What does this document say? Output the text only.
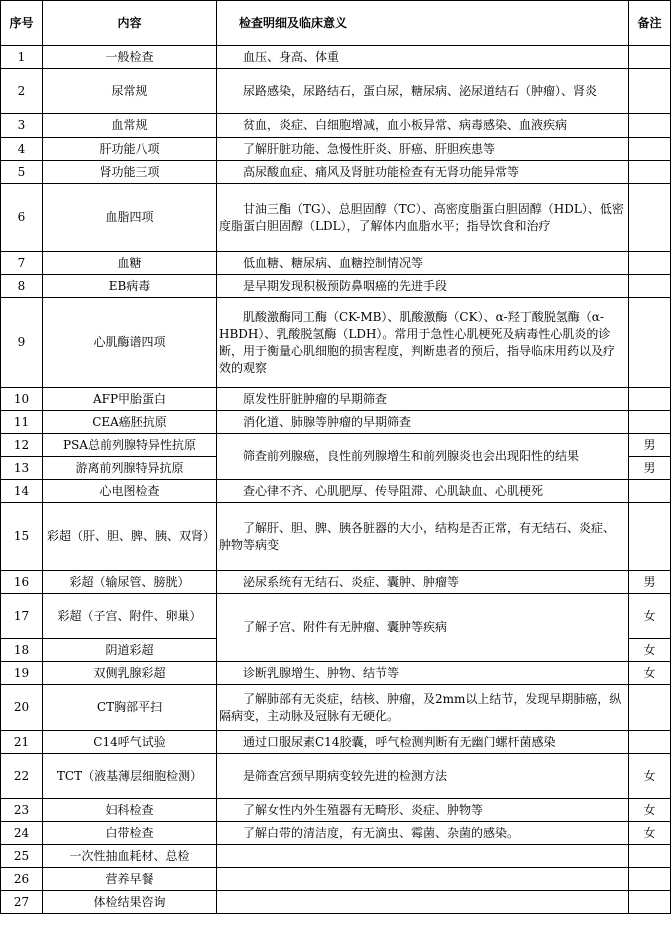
序号	内容	检查明细及临床意义	备注
1	一般检查	血压、身高、体重	
2	尿常规	尿路感染，尿路结石，蛋白尿，糖尿病、泌尿道结石（肿瘤）、肾炎	
3	血常规	贫血，炎症、白细胞增减，血小板异常、病毒感染、血液疾病	
4	肝功能八项	了解肝脏功能、急慢性肝炎、肝癌、肝胆疾患等	
5	肾功能三项	高尿酸血症、痛风及肾脏功能检查有无肾功能异常等	
6	血脂四项	甘油三酯（TG）、总胆固醇（TC）、高密度脂蛋白胆固醇（HDL）、低密度脂蛋白胆固醇（LDL），了解体内血脂水平；指导饮食和治疗	
7	血糖	低血糖、糖尿病、血糖控制情况等	
8	EB病毒	是早期发现积极预防鼻咽癌的先进手段	
9	心肌酶谱四项	肌酸激酶同工酶（CK-MB）、肌酸激酶（CK）、α-羟丁酸脱氢酶（α-HBDH）、乳酸脱氢酶（LDH）。常用于急性心肌梗死及病毒性心肌炎的诊断，用于衡量心肌细胞的损害程度，判断患者的预后，指导临床用药以及疗效的观察	
10	AFP甲胎蛋白	原发性肝脏肿瘤的早期筛查	
11	CEA癌胚抗原	消化道、肺腺等肿瘤的早期筛查	
12	PSA总前列腺特异性抗原	筛查前列腺癌，良性前列腺增生和前列腺炎也会出现阳性的结果	男
13	游离前列腺特异抗原		男
14	心电图检查	查心律不齐、心肌肥厚、传导阻滞、心肌缺血、心肌梗死	
15	彩超（肝、胆、脾、胰、双肾）	了解肝、胆、脾、胰各脏器的大小，结构是否正常，有无结石、炎症、肿物等病变	
16	彩超（输尿管、膀胱）	泌尿系统有无结石、炎症、囊肿、肿瘤等	男
17	彩超（子宫、附件、卵巢）	了解子宫、附件有无肿瘤、囊肿等疾病	女
18	阴道彩超		女
19	双侧乳腺彩超	诊断乳腺增生、肿物、结节等	女
20	CT胸部平扫	了解肺部有无炎症，结核、肿瘤，及2mm以上结节，发现早期肺癌，纵隔病变，主动脉及冠脉有无硬化。	
21	C14呼气试验	通过口服尿素C14胶囊，呼气检测判断有无幽门螺杆菌感染	
22	TCT（液基薄层细胞检测）	是筛查宫颈早期病变较先进的检测方法	女
23	妇科检查	了解女性内外生殖器有无畸形、炎症、肿物等	女
24	白带检查	了解白带的清洁度，有无滴虫、霉菌、杂菌的感染。	女
25	一次性抽血耗材、总检		
26	营养早餐		
27	体检结果咨询		
